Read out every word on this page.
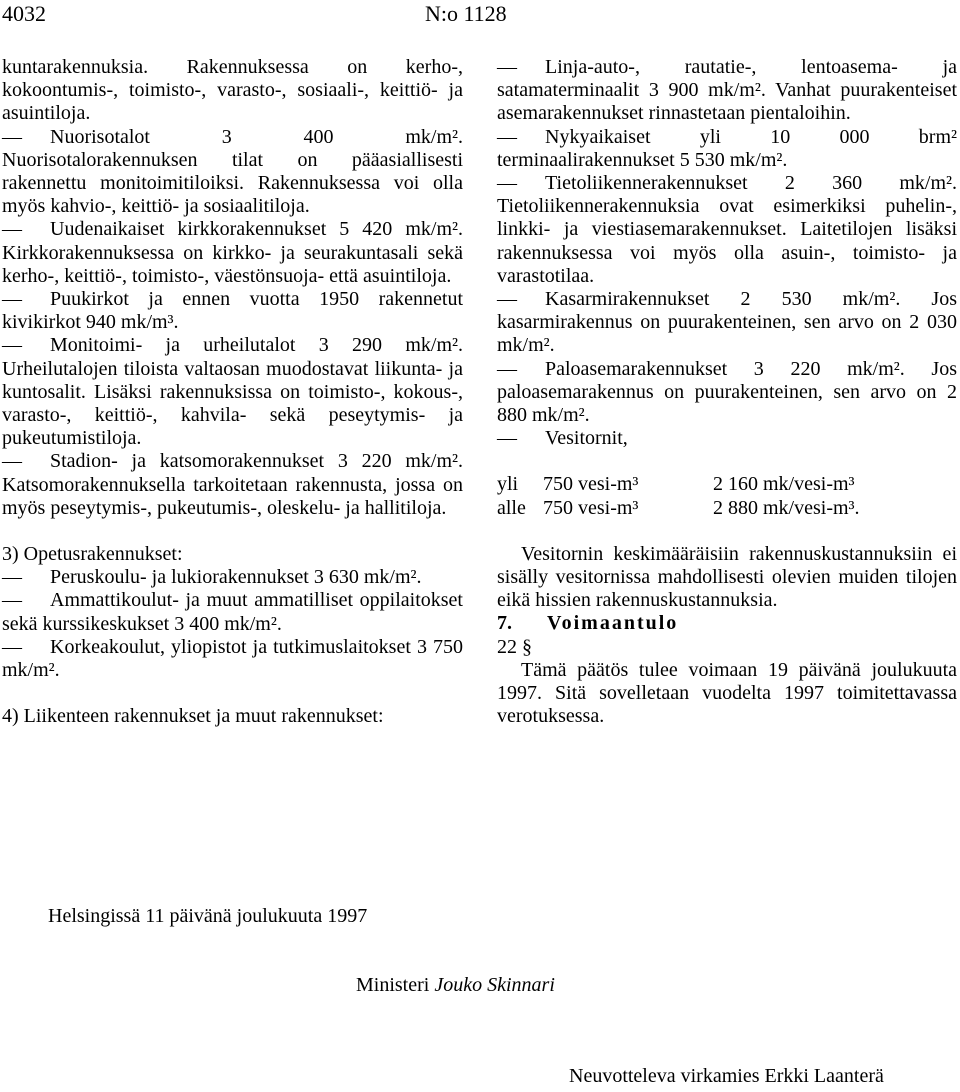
4032	N:o 1128

kuntarakennuksia. Rakennuksessa on kerho-, kokoontumis-, toimisto-, varasto-, sosiaali-, keittiö- ja asuintiloja.

— Nuorisotalot 3 400 mk/m². Nuorisotalorakennuksen tilat on pääasiallisesti rakennettu monitoimitiloiksi. Rakennuksessa voi olla myös kahvio-, keittiö- ja sosiaalitiloja.

— Uudenaikaiset kirkkorakennukset 5 420 mk/m². Kirkkorakennuksessa on kirkko- ja seurakuntasali sekä kerho-, keittiö-, toimisto-, väestönsuoja- että asuintiloja.

— Puukirkot ja ennen vuotta 1950 rakennetut kivikirkot 940 mk/m³.

— Monitoimi- ja urheilutalot 3 290 mk/m². Urheilutalojen tiloista valtaosan muodostavat liikunta- ja kuntosalit. Lisäksi rakennuksissa on toimisto-, kokous-, varasto-, keittiö-, kahvila- sekä peseytymis- ja pukeutumistiloja.

— Stadion- ja katsomorakennukset 3 220 mk/m². Katsomorakennuksella tarkoitetaan rakennusta, jossa on myös peseytymis-, pukeutumis-, oleskelu- ja hallitiloja.

3) Opetusrakennukset:

— Peruskoulu- ja lukiorakennukset 3 630 mk/m².

— Ammattikoulut- ja muut ammatilliset oppilaitokset sekä kurssikeskukset 3 400 mk/m².

— Korkeakoulut, yliopistot ja tutkimuslaitokset 3 750 mk/m².

4) Liikenteen rakennukset ja muut rakennukset:

— Linja-auto-, rautatie-, lentoasema- ja satamaterminaalit 3 900 mk/m². Vanhat puurakenteiset asemarakennukset rinnastetaan pientaloihin.

— Nykyaikaiset yli 10 000 brm² terminaalirakennukset 5 530 mk/m².

— Tietoliikennerakennukset 2 360 mk/m². Tietoliikennerakennuksia ovat esimerkiksi puhelin-, linkki- ja viestiasemarakennukset. Laitetilojen lisäksi rakennuksessa voi myös olla asuin-, toimisto- ja varastotilaa.

— Kasarmirakennukset 2 530 mk/m². Jos kasarmirakennus on puurakenteinen, sen arvo on 2 030 mk/m².

— Paloasemarakennukset 3 220 mk/m². Jos paloasemarakennus on puurakenteinen, sen arvo on 2 880 mk/m².

— Vesitornit,

yli	750 vesi-m³	2 160 mk/vesi-m³
alle 750 vesi-m³	2 880 mk/vesi-m³.

Vesitornin keskimääräisiin rakennuskustannuksiin ei sisälly vesitornissa mahdollisesti olevien muiden tilojen eikä hissien rakennuskustannuksia.

7. Voimaantulo

22 §

Tämä päätös tulee voimaan 19 päivänä joulukuuta 1997. Sitä sovelletaan vuodelta 1997 toimitettavassa verotuksessa.

Helsingissä 11 päivänä joulukuuta 1997
Ministeri Jouko Skinnari
Neuvotteleva virkamies Erkki Laanterä
